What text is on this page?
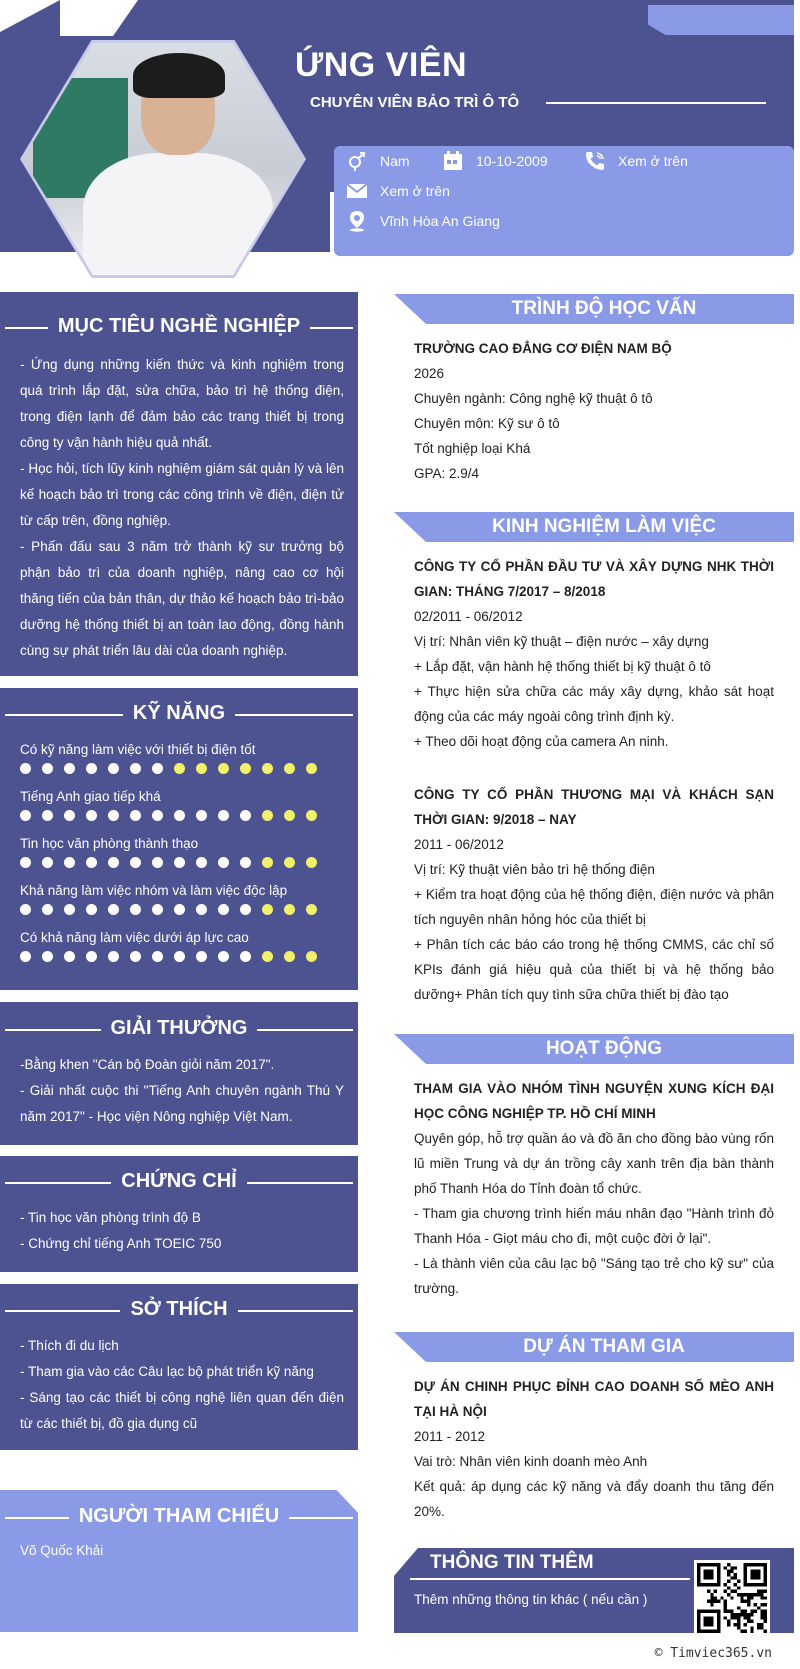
ỨNG VIÊN
CHUYÊN VIÊN BẢO TRÌ Ô TÔ
Nam	10-10-2009	Xem ở trên
Xem ở trên
Vĩnh Hòa An Giang
MỤC TIÊU NGHỀ NGHIỆP
- Ứng dụng những kiến thức và kinh nghiệm trong quá trình lắp đặt, sửa chữa, bảo trì hệ thống điện, trong điện lạnh để đảm bảo các trang thiết bị trong công ty vận hành hiệu quả nhất.
- Học hỏi, tích lũy kinh nghiệm giám sát quản lý và lên kế hoạch bảo trì trong các công trình về điện, điện tử từ cấp trên, đồng nghiệp.
- Phấn đấu sau 3 năm trở thành kỹ sư trưởng bộ phận bảo trì của doanh nghiệp, nâng cao cơ hội thăng tiến của bản thân, dự thảo kế hoạch bảo trì-bảo dưỡng hệ thống thiết bị an toàn lao động, đồng hành cùng sự phát triển lâu dài của doanh nghiệp.
KỸ NĂNG
Có kỹ năng làm việc với thiết bị điện tốt
Tiếng Anh giao tiếp khá
Tin học văn phòng thành thạo
Khả năng làm việc nhóm và làm việc độc lập
Có khả năng làm việc dưới áp lực cao
GIẢI THƯỞNG
-Bằng khen "Cán bộ Đoàn giỏi năm 2017".
- Giải nhất cuộc thi "Tiếng Anh chuyên ngành Thú Y năm 2017" - Học viện Nông nghiệp Việt Nam.
CHỨNG CHỈ
- Tin học văn phòng trình độ B
- Chứng chỉ tiếng Anh TOEIC 750
SỞ THÍCH
- Thích đi du lịch
- Tham gia vào các Câu lạc bộ phát triển kỹ năng
- Sáng tạo các thiết bị công nghệ liên quan đến điện từ các thiết bị, đồ gia dụng cũ
NGƯỜI THAM CHIẾU
Võ Quốc Khải
TRÌNH ĐỘ HỌC VẤN
TRƯỜNG CAO ĐẲNG CƠ ĐIỆN NAM BỘ
2026
Chuyên ngành: Công nghệ kỹ thuật ô tô
Chuyên môn: Kỹ sư ô tô
Tốt nghiệp loại Khá
GPA: 2.9/4
KINH NGHIỆM LÀM VIỆC
CÔNG TY CỔ PHẦN ĐẦU TƯ VÀ XÂY DỰNG NHK THỜI GIAN: THÁNG 7/2017 – 8/2018
02/2011 - 06/2012
Vị trí: Nhân viên kỹ thuật – điện nước – xây dựng
+ Lắp đặt, vận hành hệ thống thiết bị kỹ thuật ô tô
+ Thực hiện sửa chữa các máy xây dựng, khảo sát hoạt động của các máy ngoài công trình định kỳ.
+ Theo dõi hoạt động của camera An ninh.
CÔNG TY CỔ PHẦN THƯƠNG MẠI VÀ KHÁCH SẠN THỜI GIAN: 9/2018 – NAY
2011 - 06/2012
Vị trí: Kỹ thuật viên bảo trì hệ thống điện
+ Kiểm tra hoạt động của hệ thống điện, điện nước và phân tích nguyên nhân hỏng hóc của thiết bị
+ Phân tích các báo cáo trong hệ thống CMMS, các chỉ số KPIs đánh giá hiệu quả của thiết bị và hệ thống bảo dưỡng+ Phân tích quy tình sữa chữa thiết bị đào tạo
HOẠT ĐỘNG
THAM GIA VÀO NHÓM TÌNH NGUYỆN XUNG KÍCH ĐẠI HỌC CÔNG NGHIỆP TP. HỒ CHÍ MINH
Quyên góp, hỗ trợ quần áo và đồ ăn cho đồng bào vùng rốn lũ miền Trung và dự án trồng cây xanh trên địa bàn thành phố Thanh Hóa do Tỉnh đoàn tổ chức.
- Tham gia chương trình hiến máu nhân đạo "Hành trình đỏ Thanh Hóa - Giọt máu cho đi, một cuộc đời ở lại".
- Là thành viên của câu lạc bộ "Sáng tạo trẻ cho kỹ sư" của trường.
DỰ ÁN THAM GIA
DỰ ÁN CHINH PHỤC ĐỈNH CAO DOANH SỐ MÈO ANH TẠI HÀ NỘI
2011 - 2012
Vai trò: Nhân viên kinh doanh mèo Anh
Kết quả: áp dụng các kỹ năng và đẩy doanh thu tăng đến 20%.
THÔNG TIN THÊM
Thêm những thông tin khác ( nếu cần )
© Timviec365.vn
